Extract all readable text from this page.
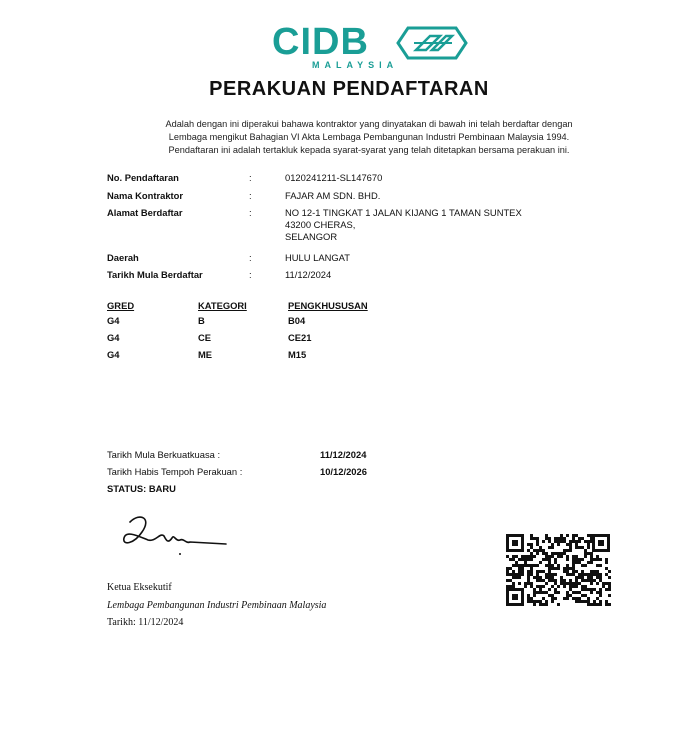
CIDB
MALAYSIA
PERAKUAN PENDAFTARAN
Adalah dengan ini diperakui bahawa kontraktor yang dinyatakan di bawah ini telah berdaftar dengan
Lembaga mengikut Bahagian VI Akta Lembaga Pembangunan Industri Pembinaan Malaysia 1994.
Pendaftaran ini adalah tertakluk kepada syarat-syarat yang telah ditetapkan bersama perakuan ini.
No. Pendaftaran	:	0120241211-SL147670
Nama Kontraktor	:	FAJAR AM SDN. BHD.
Alamat Berdaftar	:	NO 12-1 TINGKAT 1 JALAN KIJANG 1 TAMAN SUNTEX
43200 CHERAS,
SELANGOR
Daerah	:	HULU LANGAT
Tarikh Mula Berdaftar	:	11/12/2024
GRED	KATEGORI	PENGKHUSUSAN
G4	B	B04
G4	CE	CE21
G4	ME	M15
Tarikh Mula Berkuatkuasa :	11/12/2024
Tarikh Habis Tempoh Perakuan :	10/12/2026
STATUS: BARU
Ketua Eksekutif
Lembaga Pembangunan Industri Pembinaan Malaysia
Tarikh: 11/12/2024
